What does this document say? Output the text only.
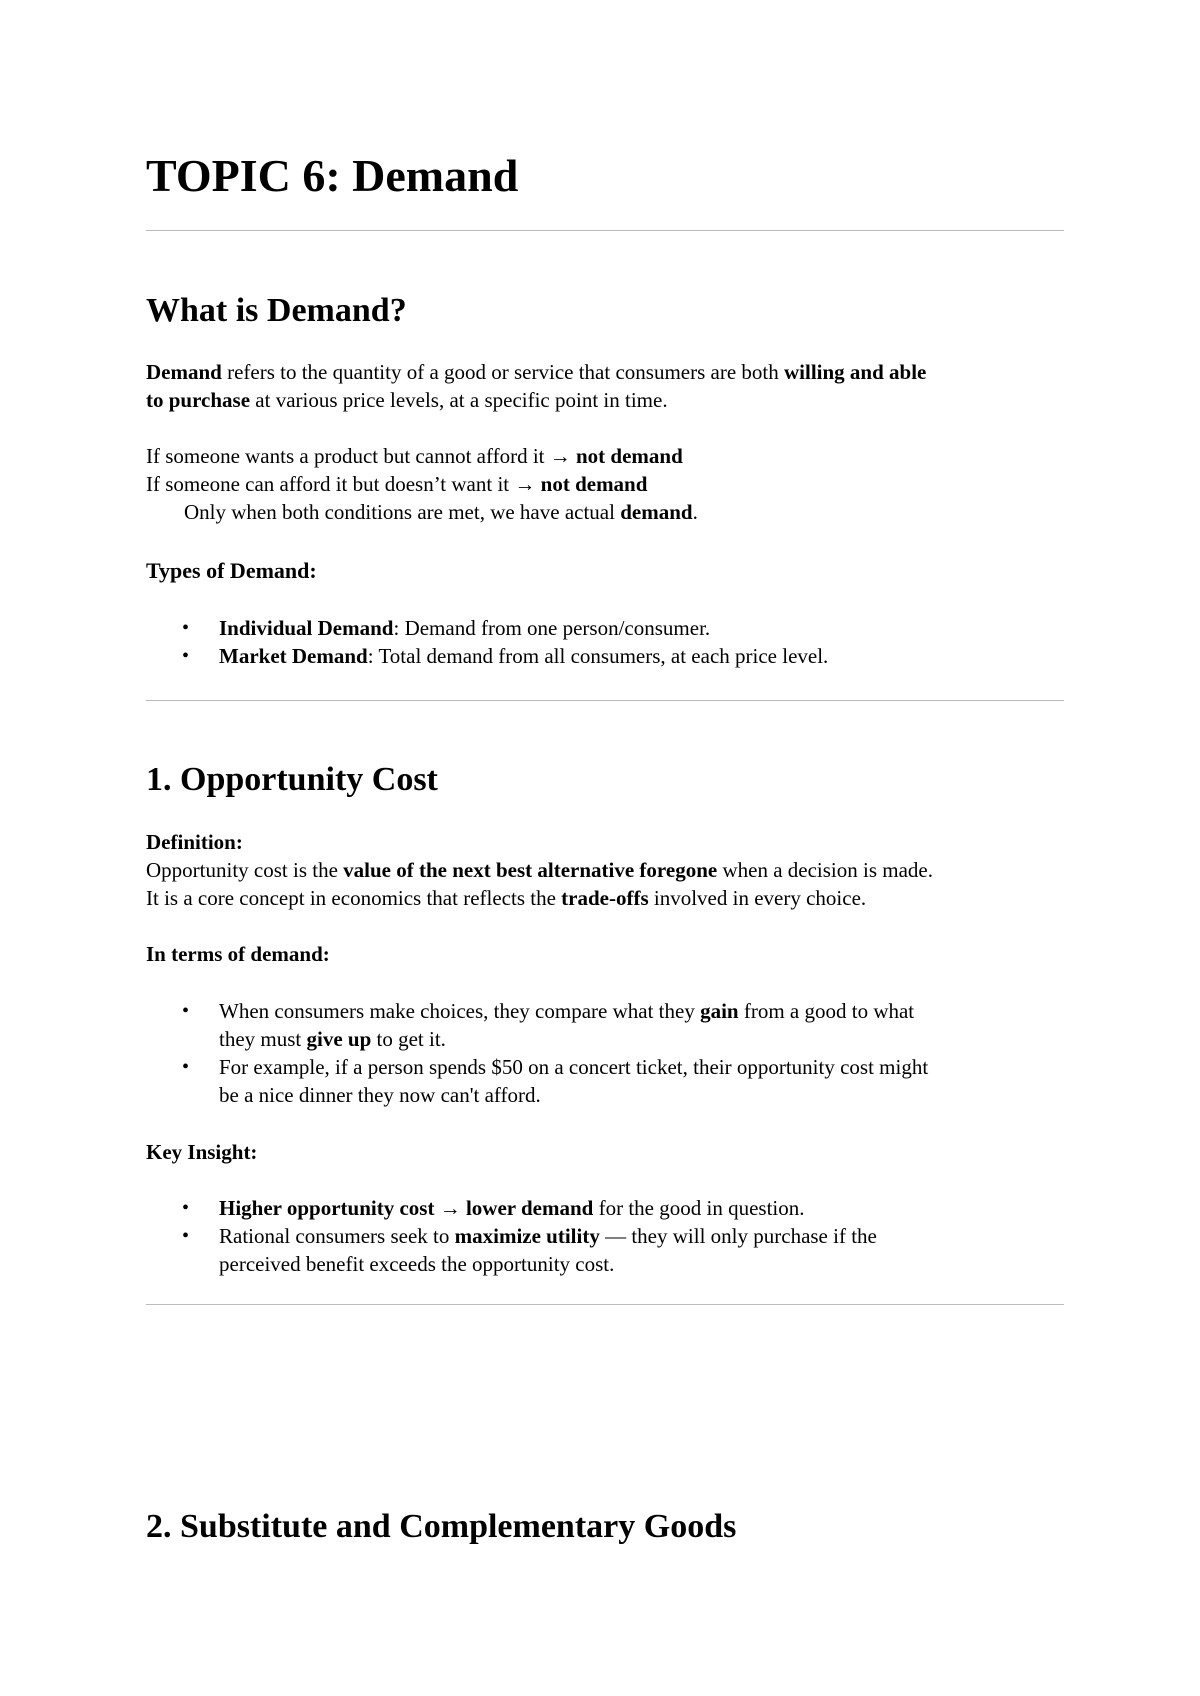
TOPIC 6: Demand
What is Demand?
Demand refers to the quantity of a good or service that consumers are both willing and able
to purchase at various price levels, at a specific point in time.
If someone wants a product but cannot afford it → not demand
If someone can afford it but doesn’t want it → not demand
Only when both conditions are met, we have actual demand.
Types of Demand:
• Individual Demand: Demand from one person/consumer.
• Market Demand: Total demand from all consumers, at each price level.
1. Opportunity Cost
Definition:
Opportunity cost is the value of the next best alternative foregone when a decision is made.
It is a core concept in economics that reflects the trade-offs involved in every choice.
In terms of demand:
• When consumers make choices, they compare what they gain from a good to what
they must give up to get it.
• For example, if a person spends $50 on a concert ticket, their opportunity cost might
be a nice dinner they now can't afford.
Key Insight:
• Higher opportunity cost → lower demand for the good in question.
• Rational consumers seek to maximize utility — they will only purchase if the
perceived benefit exceeds the opportunity cost.
2. Substitute and Complementary Goods
